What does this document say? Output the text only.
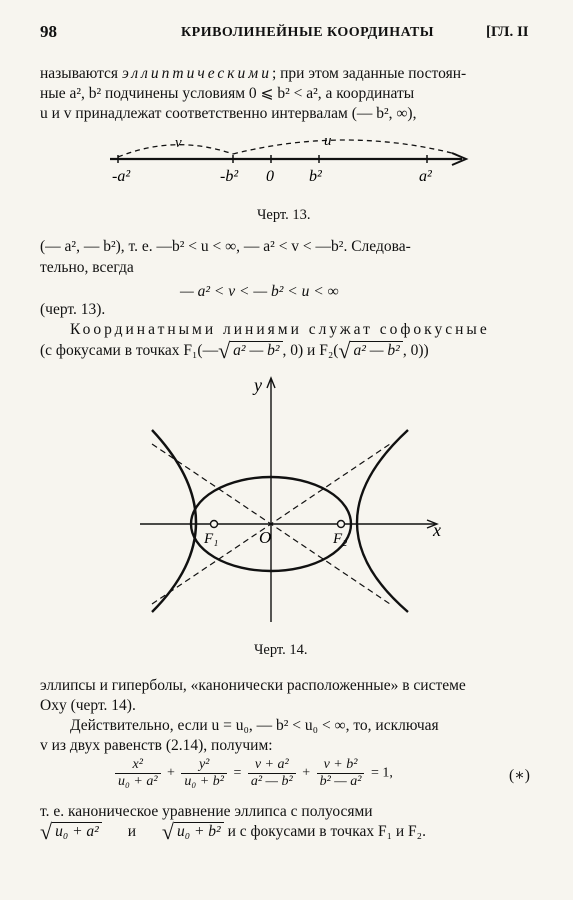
98	КРИВОЛИНЕЙНЫЕ КООРДИНАТЫ	[ГЛ. II
называются эллиптическими; при этом заданные постоян-
ные a², b² подчинены условиям 0 ⩽ b² < a², а координаты
u и v принадлежат соответственно интервалам (— b², ∞),
v	u
-a²	-b² 0 b²	a²
Черт. 13.
(— a², — b²), т. е. —b² < u < ∞, — a² < v < —b². Следова-
тельно, всегда
— a² < v < — b² < u < ∞
(черт. 13).
Координатными линиями служат софокусные
(с фокусами в точках F₁(—√ a² — b² , 0) и F₂(√ a² — b² , 0))
y
x
F₁	F₂
O
Черт. 14.
эллипсы и гиперболы, «канонически расположенные» в системе
Oxy (черт. 14).
Действительно, если u = u₀, — b² < u₀ < ∞, то, исключая
v из двух равенств (2.14), получим:
$\frac{\text{x²}}{\text{u₀ + a²}} + \frac{\text{y²}}{\text{u₀ + b²}} = \frac{\text{v + a²}}{\text{a² — b²}} + \frac{\text{v + b²}}{\text{b² — a²}} = 1$,	(∗)
т. е. каноническое уравнение эллипса с полуосями
√ u₀ + a² и √ u₀ + b² и с фокусами в точках F₁ и F₂.
